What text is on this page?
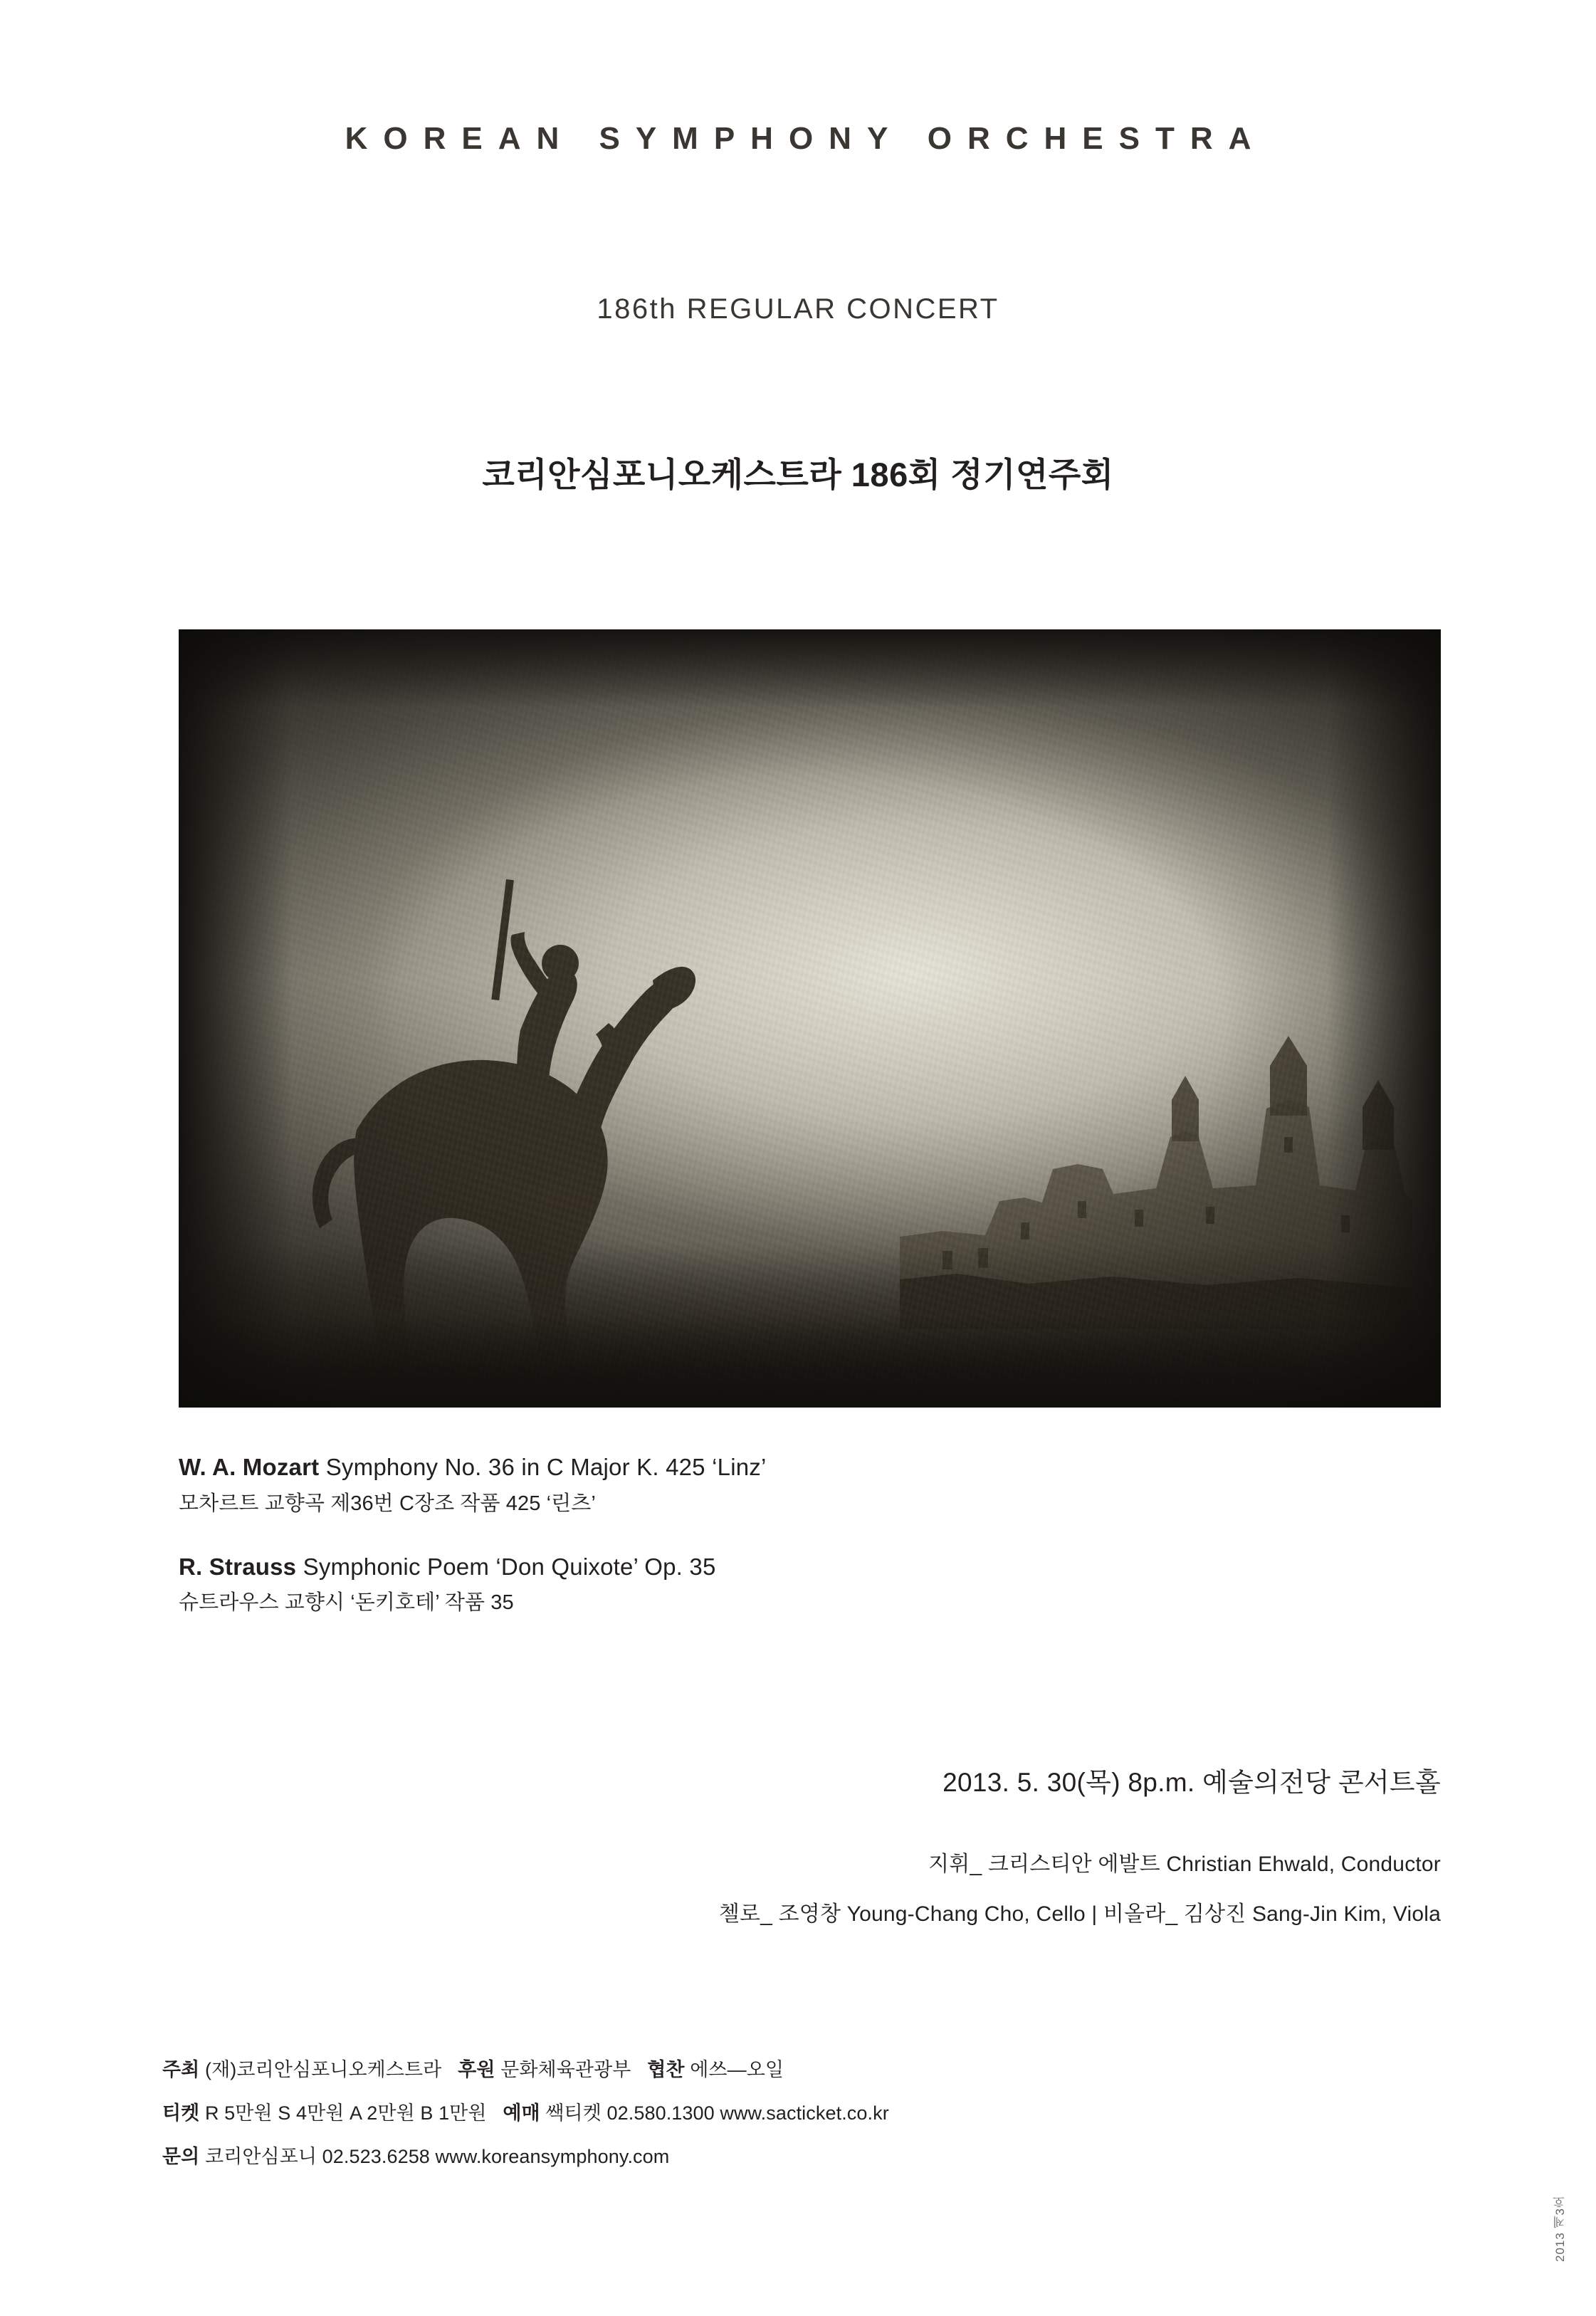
KOREAN SYMPHONY ORCHESTRA
186th REGULAR CONCERT
코리안심포니오케스트라 186회 정기연주회
W. A. Mozart Symphony No. 36 in C Major K. 425 ‘Linz’
모차르트 교향곡 제36번 C장조 작품 425 ‘린츠’
R. Strauss Symphonic Poem ‘Don Quixote’ Op. 35
슈트라우스 교향시 ‘돈키호테’ 작품 35
2013. 5. 30(목) 8p.m. 예술의전당 콘서트홀
지휘_ 크리스티안 에발트 Christian Ehwald, Conductor
첼로_ 조영창 Young-Chang Cho, Cello | 비올라_ 김상진 Sang-Jin Kim, Viola
주최 (재)코리안심포니오케스트라 후원 문화체육관광부 협찬 에쓰―오일
티켓 R 5만원 S 4만원 A 2만원 B 1만원 예매 쌕티켓 02.580.1300 www.sacticket.co.kr
문의 코리안심포니 02.523.6258 www.koreansymphony.com
2013 제3호
